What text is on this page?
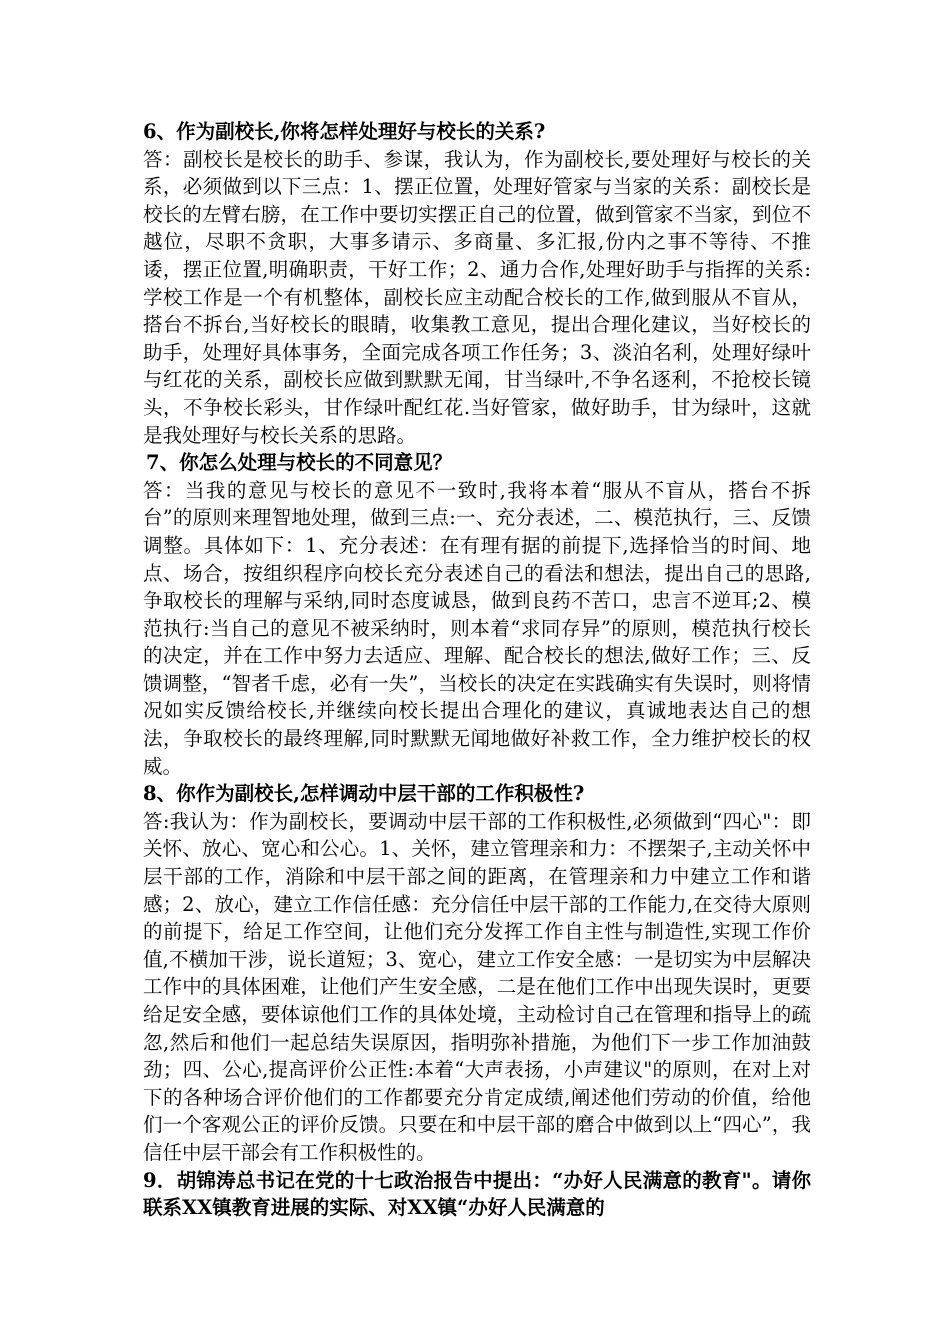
6、作为副校长,你将怎样处理好与校长的关系?

答：副校长是校长的助手、参谋，我认为，作为副校长,要处理好与校长的关系，必须做到以下三点：1、摆正位置，处理好管家与当家的关系：副校长是校长的左臂右膀，在工作中要切实摆正自己的位置，做到管家不当家，到位不越位，尽职不贪职，大事多请示、多商量、多汇报,份内之事不等待、不推诿，摆正位置,明确职责，干好工作；2、通力合作,处理好助手与指挥的关系:学校工作是一个有机整体，副校长应主动配合校长的工作,做到服从不盲从，搭台不拆台,当好校长的眼睛，收集教工意见，提出合理化建议，当好校长的助手，处理好具体事务，全面完成各项工作任务；3、淡泊名利，处理好绿叶与红花的关系，副校长应做到默默无闻，甘当绿叶,不争名逐利，不抢校长镜头，不争校长彩头，甘作绿叶配红花.当好管家，做好助手，甘为绿叶，这就是我处理好与校长关系的思路。

7、你怎么处理与校长的不同意见？

答：当我的意见与校长的意见不一致时,我将本着“服从不盲从，搭台不拆台”的原则来理智地处理，做到三点:一、充分表述，二、模范执行，三、反馈调整。具体如下：1、充分表述：在有理有据的前提下,选择恰当的时间、地点、场合，按组织程序向校长充分表述自己的看法和想法，提出自己的思路,争取校长的理解与采纳,同时态度诚恳，做到良药不苦口，忠言不逆耳;2、模范执行:当自己的意见不被采纳时，则本着“求同存异”的原则，模范执行校长的决定，并在工作中努力去适应、理解、配合校长的想法,做好工作；三、反馈调整，“智者千虑，必有一失”，当校长的决定在实践确实有失误时，则将情况如实反馈给校长,并继续向校长提出合理化的建议，真诚地表达自己的想法，争取校长的最终理解,同时默默无闻地做好补救工作，全力维护校长的权威。

8、你作为副校长,怎样调动中层干部的工作积极性?

答:我认为：作为副校长，要调动中层干部的工作积极性,必须做到“四心"：即关怀、放心、宽心和公心。1、关怀，建立管理亲和力：不摆架子,主动关怀中层干部的工作，消除和中层干部之间的距离，在管理亲和力中建立工作和谐感；2、放心，建立工作信任感：充分信任中层干部的工作能力,在交待大原则的前提下，给足工作空间，让他们充分发挥工作自主性与制造性,实现工作价值,不横加干涉，说长道短；3、宽心，建立工作安全感：一是切实为中层解决工作中的具体困难，让他们产生安全感，二是在他们工作中出现失误时，更要给足安全感，要体谅他们工作的具体处境，主动检讨自己在管理和指导上的疏忽,然后和他们一起总结失误原因，指明弥补措施，为他们下一步工作加油鼓劲；四、公心,提高评价公正性:本着“大声表扬，小声建议"的原则，在对上对下的各种场合评价他们的工作都要充分肯定成绩,阐述他们劳动的价值，给他们一个客观公正的评价反馈。只要在和中层干部的磨合中做到以上“四心”，我信任中层干部会有工作积极性的。

9．胡锦涛总书记在党的十七政治报告中提出：“办好人民满意的教育"。请你联系XX镇教育进展的实际、对XX镇“办好人民满意的
